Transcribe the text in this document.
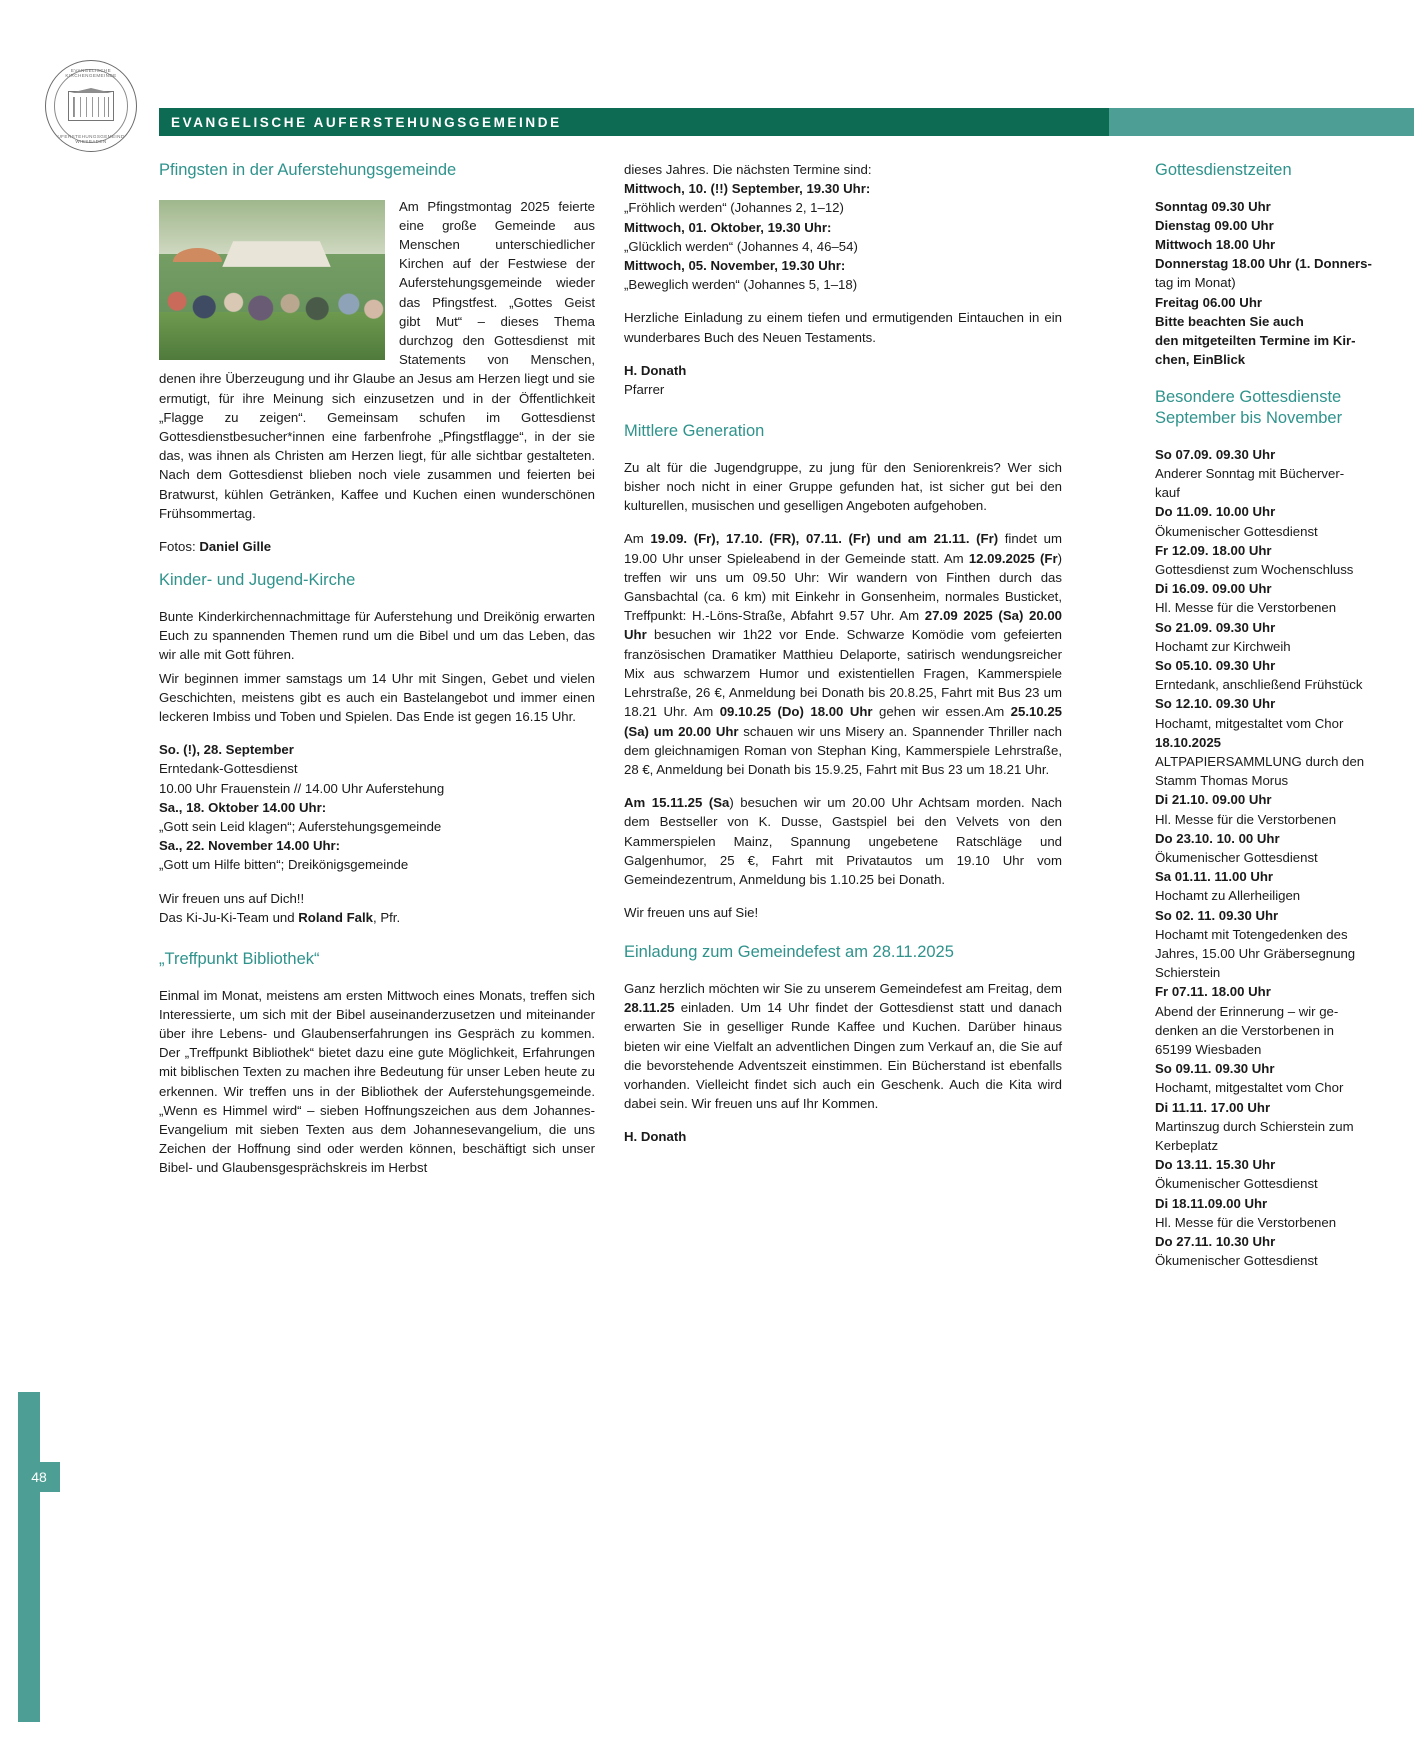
EVANGELISCHE KIRCHENGEMEINDE
AUFERSTEHUNGSGEMEINDE WIESBADEN
EVANGELISCHE AUFERSTEHUNGSGEMEINDE
48
Pfingsten in der Auferstehungsgemeinde

Am Pfingstmontag 2025 feierte eine große Gemeinde aus Menschen unterschiedlicher Kirchen auf der Festwiese der Auferstehungsgemeinde wieder das Pfingstfest. „Gottes Geist gibt Mut“ – dieses Thema durchzog den Gottesdienst mit Statements von Menschen, denen ihre Überzeugung und ihr Glaube an Jesus am Herzen liegt und sie ermutigt, für ihre Meinung sich einzusetzen und in der Öffentlichkeit „Flagge zu zeigen“. Gemeinsam schufen im Gottesdienst Gottesdienstbesucher*innen eine farbenfrohe „Pfingstflagge“, in der sie das, was ihnen als Christen am Herzen liegt, für alle sichtbar gestalteten. Nach dem Gottesdienst blieben noch viele zusammen und feierten bei Bratwurst, kühlen Getränken, Kaffee und Kuchen einen wunderschönen Frühsommertag.

Fotos: Daniel Gille

Kinder- und Jugend-Kirche

Bunte Kinderkirchennachmittage für Auferstehung und Dreikönig erwarten Euch zu spannenden Themen rund um die Bibel und um das Leben, das wir alle mit Gott führen.

Wir beginnen immer samstags um 14 Uhr mit Singen, Gebet und vielen Geschichten, meistens gibt es auch ein Bastelangebot und immer einen leckeren Imbiss und Toben und Spielen. Das Ende ist gegen 16.15 Uhr.

So. (!), 28. September
Erntedank-Gottesdienst
10.00 Uhr Frauenstein // 14.00 Uhr Auferstehung
Sa., 18. Oktober 14.00 Uhr:
„Gott sein Leid klagen“; Auferstehungsgemeinde
Sa., 22. November 14.00 Uhr:
„Gott um Hilfe bitten“; Dreikönigsgemeinde

Wir freuen uns auf Dich!!
Das Ki-Ju-Ki-Team und Roland Falk, Pfr.

„Treffpunkt Bibliothek“

Einmal im Monat, meistens am ersten Mittwoch eines Monats, treffen sich Interessierte, um sich mit der Bibel auseinanderzusetzen und miteinander über ihre Lebens- und Glaubenserfahrungen ins Gespräch zu kommen. Der „Treffpunkt Bibliothek“ bietet dazu eine gute Möglichkeit, Erfahrungen mit biblischen Texten zu machen ihre Bedeutung für unser Leben heute zu erkennen. Wir treffen uns in der Bibliothek der Auferstehungsgemeinde. „Wenn es Himmel wird“ – sieben Hoffnungszeichen aus dem Johannes-Evangelium mit sieben Texten aus dem Johannesevangelium, die uns Zeichen der Hoffnung sind oder werden können, beschäftigt sich unser Bibel- und Glaubensgesprächskreis im Herbst

dieses Jahres. Die nächsten Termine sind:
Mittwoch, 10. (!!) September, 19.30 Uhr:
„Fröhlich werden“ (Johannes 2, 1–12)
Mittwoch, 01. Oktober, 19.30 Uhr:
„Glücklich werden“ (Johannes 4, 46–54)
Mittwoch, 05. November, 19.30 Uhr:
„Beweglich werden“ (Johannes 5, 1–18)

Herzliche Einladung zu einem tiefen und ermutigenden Eintauchen in ein wunderbares Buch des Neuen Testaments.

H. Donath
Pfarrer

Mittlere Generation

Zu alt für die Jugendgruppe, zu jung für den Seniorenkreis? Wer sich bisher noch nicht in einer Gruppe gefunden hat, ist sicher gut bei den kulturellen, musischen und geselligen Angeboten aufgehoben.

Am 19.09. (Fr), 17.10. (FR), 07.11. (Fr) und am 21.11. (Fr) findet um 19.00 Uhr unser Spieleabend in der Gemeinde statt. Am 12.09.2025 (Fr) treffen wir uns um 09.50 Uhr: Wir wandern von Finthen durch das Gansbachtal (ca. 6 km) mit Einkehr in Gonsenheim, normales Busticket, Treffpunkt: H.-Löns-Straße, Abfahrt 9.57 Uhr. Am 27.09 2025 (Sa) 20.00 Uhr besuchen wir 1h22 vor Ende. Schwarze Komödie vom gefeierten französischen Dramatiker Matthieu Delaporte, satirisch wendungsreicher Mix aus schwarzem Humor und existentiellen Fragen, Kammerspiele Lehrstraße, 26 €, Anmeldung bei Donath bis 20.8.25, Fahrt mit Bus 23 um 18.21 Uhr. Am 09.10.25 (Do) 18.00 Uhr gehen wir essen.Am 25.10.25 (Sa) um 20.00 Uhr schauen wir uns Misery an. Spannender Thriller nach dem gleichnamigen Roman von Stephan King, Kammerspiele Lehrstraße, 28 €, Anmeldung bei Donath bis 15.9.25, Fahrt mit Bus 23 um 18.21 Uhr.

Am 15.11.25 (Sa) besuchen wir um 20.00 Uhr Achtsam morden. Nach dem Bestseller von K. Dusse, Gastspiel bei den Velvets von den Kammerspielen Mainz, Spannung ungebetene Ratschläge und Galgenhumor, 25 €, Fahrt mit Privatautos um 19.10 Uhr vom Gemeindezentrum, Anmeldung bis 1.10.25 bei Donath.

Wir freuen uns auf Sie!

Einladung zum Gemeindefest am 28.11.2025

Ganz herzlich möchten wir Sie zu unserem Gemeindefest am Freitag, dem 28.11.25 einladen. Um 14 Uhr findet der Gottesdienst statt und danach erwarten Sie in geselliger Runde Kaffee und Kuchen. Darüber hinaus bieten wir eine Vielfalt an adventlichen Dingen zum Verkauf an, die Sie auf die bevorstehende Adventszeit einstimmen. Ein Bücherstand ist ebenfalls vorhanden. Vielleicht findet sich auch ein Geschenk. Auch die Kita wird dabei sein. Wir freuen uns auf Ihr Kommen.

H. Donath

Gottesdienstzeiten
Sonntag 09.30 Uhr
Dienstag 09.00 Uhr
Mittwoch 18.00 Uhr
Donnerstag 18.00 Uhr (1. Donners-
tag im Monat)
Freitag 06.00 Uhr
Bitte beachten Sie auch
den mitgeteilten Termine im Kir-
chen, EinBlick
Besondere Gottesdienste
September bis November
So 07.09. 09.30 Uhr
Anderer Sonntag mit Bücherver-
kauf
Do 11.09. 10.00 Uhr
Ökumenischer Gottesdienst
Fr 12.09. 18.00 Uhr
Gottesdienst zum Wochenschluss
Di 16.09. 09.00 Uhr
Hl. Messe für die Verstorbenen
So 21.09. 09.30 Uhr
Hochamt zur Kirchweih
So 05.10. 09.30 Uhr
Erntedank, anschließend Frühstück
So 12.10. 09.30 Uhr
Hochamt, mitgestaltet vom Chor
18.10.2025
ALTPAPIERSAMMLUNG durch den
Stamm Thomas Morus
Di 21.10. 09.00 Uhr
Hl. Messe für die Verstorbenen
Do 23.10. 10. 00 Uhr
Ökumenischer Gottesdienst
Sa 01.11. 11.00 Uhr
Hochamt zu Allerheiligen
So 02. 11. 09.30 Uhr
Hochamt mit Totengedenken des
Jahres, 15.00 Uhr Gräbersegnung
Schierstein
Fr 07.11. 18.00 Uhr
Abend der Erinnerung – wir ge-
denken an die Verstorbenen in
65199 Wiesbaden
So 09.11. 09.30 Uhr
Hochamt, mitgestaltet vom Chor
Di 11.11. 17.00 Uhr
Martinszug durch Schierstein zum
Kerbeplatz
Do 13.11. 15.30 Uhr
Ökumenischer Gottesdienst
Di 18.11.09.00 Uhr
Hl. Messe für die Verstorbenen
Do 27.11. 10.30 Uhr
Ökumenischer Gottesdienst
